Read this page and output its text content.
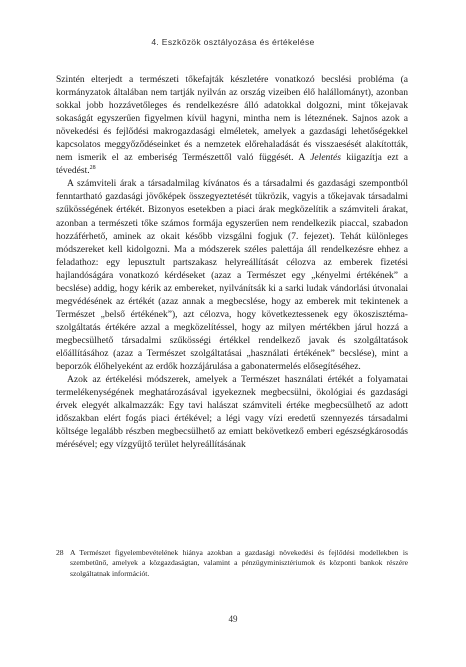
4. Eszközök osztályozása és értékelése

Szintén elterjedt a természeti tőkefajták készletére vonatkozó becslési probléma (a kormányzatok általában nem tartják nyilván az ország vizeiben élő halállományt), azonban sokkal jobb hozzávetőleges és rendelkezésre álló adatokkal dolgozni, mint tőkejavak sokaságát egyszerűen figyelmen kívül hagyni, mintha nem is léteznének. Sajnos azok a növekedési és fejlődési makrogazdasági elméletek, amelyek a gazdasági lehetőségekkel kapcsolatos meggyőződéseinket és a nemzetek előrehaladását és visszaesését alakították, nem ismerik el az emberiség Természettől való függését. A Jelentés kiigazítja ezt a tévedést.$^{28}$

A számviteli árak a társadalmilag kívánatos és a társadalmi és gazdasági szempontból fenntartható gazdasági jövőképek összegyeztetését tükrözik, vagyis a tőkejavak társadalmi szűkösségének értékét. Bizonyos esetekben a piaci árak megközelítik a számviteli árakat, azonban a természeti tőke számos formája egyszerűen nem rendelkezik piaccal, szabadon hozzáférhető, aminek az okait később vizsgálni fogjuk (7. fejezet). Tehát különleges módszereket kell kidolgozni. Ma a módszerek széles palettája áll rendelkezésre ehhez a feladathoz: egy lepusztult partszakasz helyreállítását célozva az emberek fizetési hajlandóságára vonatkozó kérdéseket (azaz a Természet egy „kényelmi értékének” a becslése) addig, hogy kérik az embereket, nyilvánítsák ki a sarki ludak vándorlási útvonalai megvédésének az értékét (azaz annak a megbecslése, hogy az emberek mit tekintenek a Természet „belső értékének”), azt célozva, hogy következtessenek egy ökoszisztéma-szolgáltatás értékére azzal a megközelítéssel, hogy az milyen mértékben járul hozzá a megbecsülhető társadalmi szűkösségi értékkel rendelkező javak és szolgáltatások előállításához (azaz a Természet szolgáltatásai „használati értékének” becslése), mint a beporzók élőhelyeként az erdők hozzájárulása a gabonatermelés elősegítéséhez.

Azok az értékelési módszerek, amelyek a Természet használati értékét a folyamatai termelékenységének meghatározásával igyekeznek megbecsülni, ökológiai és gazdasági érvek elegyét alkalmazzák: Egy tavi halászat számviteli értéke megbecsülhető az adott időszakban elért fogás piaci értékével; a légi vagy vízi eredetű szennyezés társadalmi költsége legalább részben megbecsülhető az emiatt bekövetkező emberi egészségkárosodás mérésével; egy vízgyűjtő terület helyreállításának

28 A Természet figyelembevételének hiánya azokban a gazdasági növekedési és fejlődési modellekben is szembetűnő, amelyek a közgazdaságtan, valamint a pénzügyminisztériumok és központi bankok részére szolgáltatnak információt.
49
